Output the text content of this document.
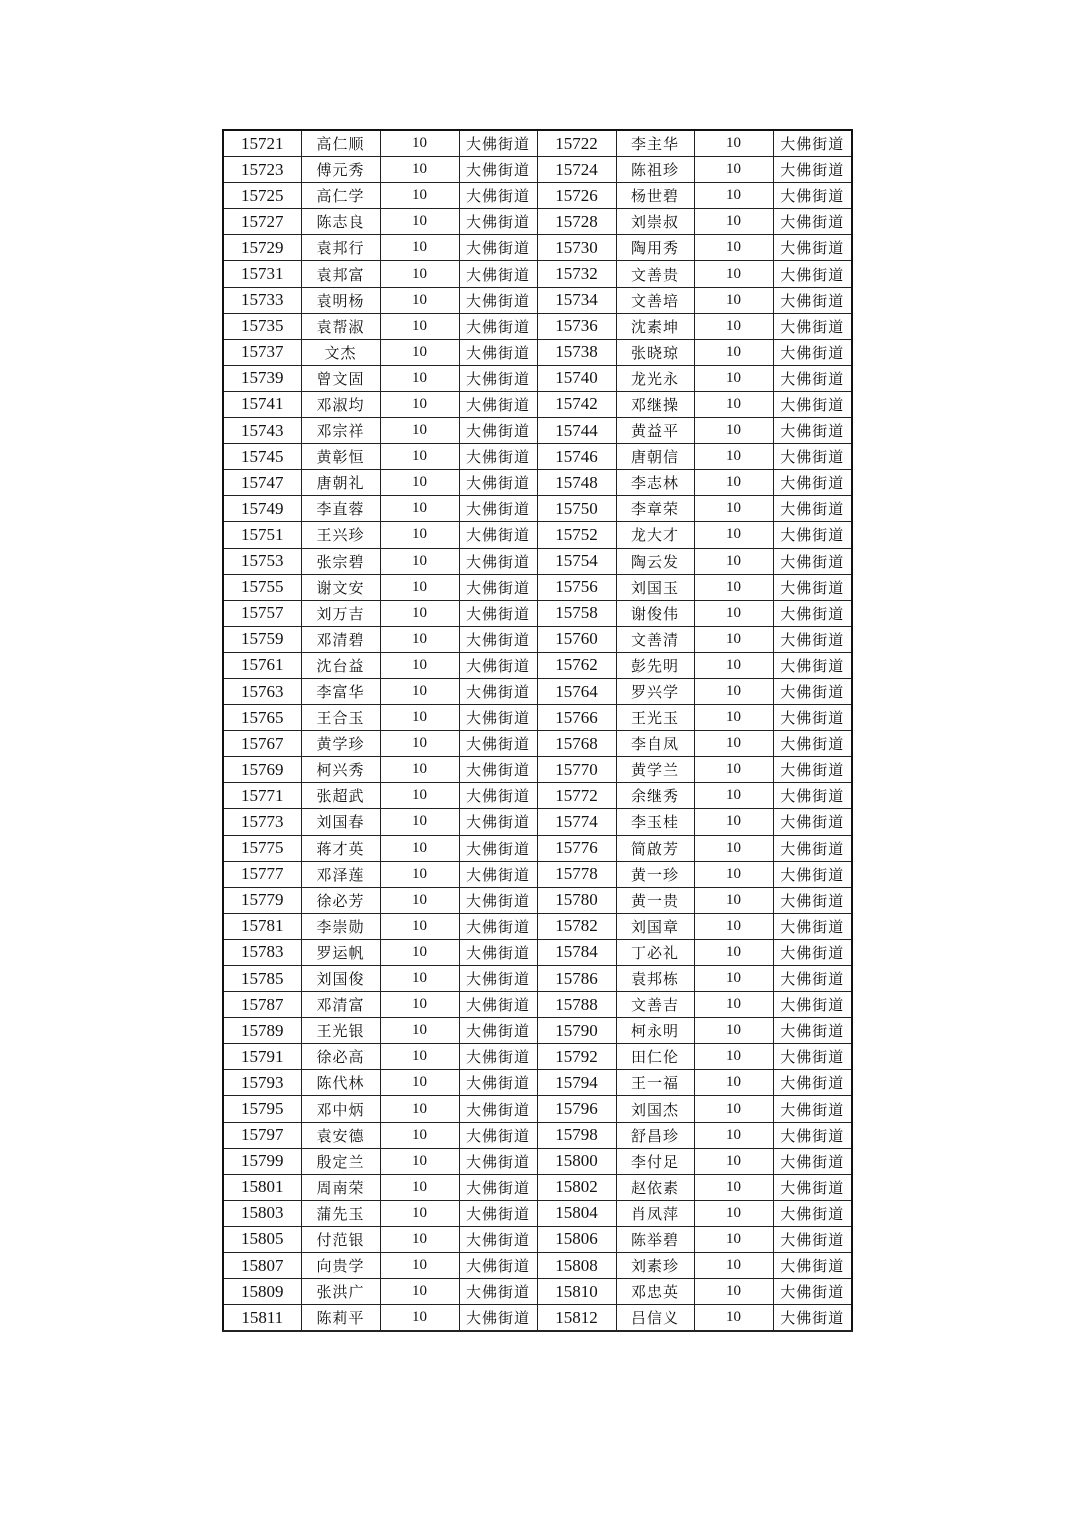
15721	高仁顺	10	大佛街道	15722	李主华	10	大佛街道
15723	傅元秀	10	大佛街道	15724	陈祖珍	10	大佛街道
15725	高仁学	10	大佛街道	15726	杨世碧	10	大佛街道
15727	陈志良	10	大佛街道	15728	刘崇叔	10	大佛街道
15729	袁邦行	10	大佛街道	15730	陶用秀	10	大佛街道
15731	袁邦富	10	大佛街道	15732	文善贵	10	大佛街道
15733	袁明杨	10	大佛街道	15734	文善培	10	大佛街道
15735	袁帮淑	10	大佛街道	15736	沈素坤	10	大佛街道
15737	文杰	10	大佛街道	15738	张晓琼	10	大佛街道
15739	曾文固	10	大佛街道	15740	龙光永	10	大佛街道
15741	邓淑均	10	大佛街道	15742	邓继操	10	大佛街道
15743	邓宗祥	10	大佛街道	15744	黄益平	10	大佛街道
15745	黄彰恒	10	大佛街道	15746	唐朝信	10	大佛街道
15747	唐朝礼	10	大佛街道	15748	李志林	10	大佛街道
15749	李直蓉	10	大佛街道	15750	李章荣	10	大佛街道
15751	王兴珍	10	大佛街道	15752	龙大才	10	大佛街道
15753	张宗碧	10	大佛街道	15754	陶云发	10	大佛街道
15755	谢文安	10	大佛街道	15756	刘国玉	10	大佛街道
15757	刘万吉	10	大佛街道	15758	谢俊伟	10	大佛街道
15759	邓清碧	10	大佛街道	15760	文善清	10	大佛街道
15761	沈台益	10	大佛街道	15762	彭先明	10	大佛街道
15763	李富华	10	大佛街道	15764	罗兴学	10	大佛街道
15765	王合玉	10	大佛街道	15766	王光玉	10	大佛街道
15767	黄学珍	10	大佛街道	15768	李自凤	10	大佛街道
15769	柯兴秀	10	大佛街道	15770	黄学兰	10	大佛街道
15771	张超武	10	大佛街道	15772	余继秀	10	大佛街道
15773	刘国春	10	大佛街道	15774	李玉桂	10	大佛街道
15775	蒋才英	10	大佛街道	15776	简啟芳	10	大佛街道
15777	邓泽莲	10	大佛街道	15778	黄一珍	10	大佛街道
15779	徐必芳	10	大佛街道	15780	黄一贵	10	大佛街道
15781	李崇勋	10	大佛街道	15782	刘国章	10	大佛街道
15783	罗运帆	10	大佛街道	15784	丁必礼	10	大佛街道
15785	刘国俊	10	大佛街道	15786	袁邦栋	10	大佛街道
15787	邓清富	10	大佛街道	15788	文善吉	10	大佛街道
15789	王光银	10	大佛街道	15790	柯永明	10	大佛街道
15791	徐必高	10	大佛街道	15792	田仁伦	10	大佛街道
15793	陈代林	10	大佛街道	15794	王一福	10	大佛街道
15795	邓中炳	10	大佛街道	15796	刘国杰	10	大佛街道
15797	袁安德	10	大佛街道	15798	舒昌珍	10	大佛街道
15799	殷定兰	10	大佛街道	15800	李付足	10	大佛街道
15801	周南荣	10	大佛街道	15802	赵依素	10	大佛街道
15803	蒲先玉	10	大佛街道	15804	肖凤萍	10	大佛街道
15805	付范银	10	大佛街道	15806	陈举碧	10	大佛街道
15807	向贵学	10	大佛街道	15808	刘素珍	10	大佛街道
15809	张洪广	10	大佛街道	15810	邓忠英	10	大佛街道
15811	陈莉平	10	大佛街道	15812	吕信义	10	大佛街道
